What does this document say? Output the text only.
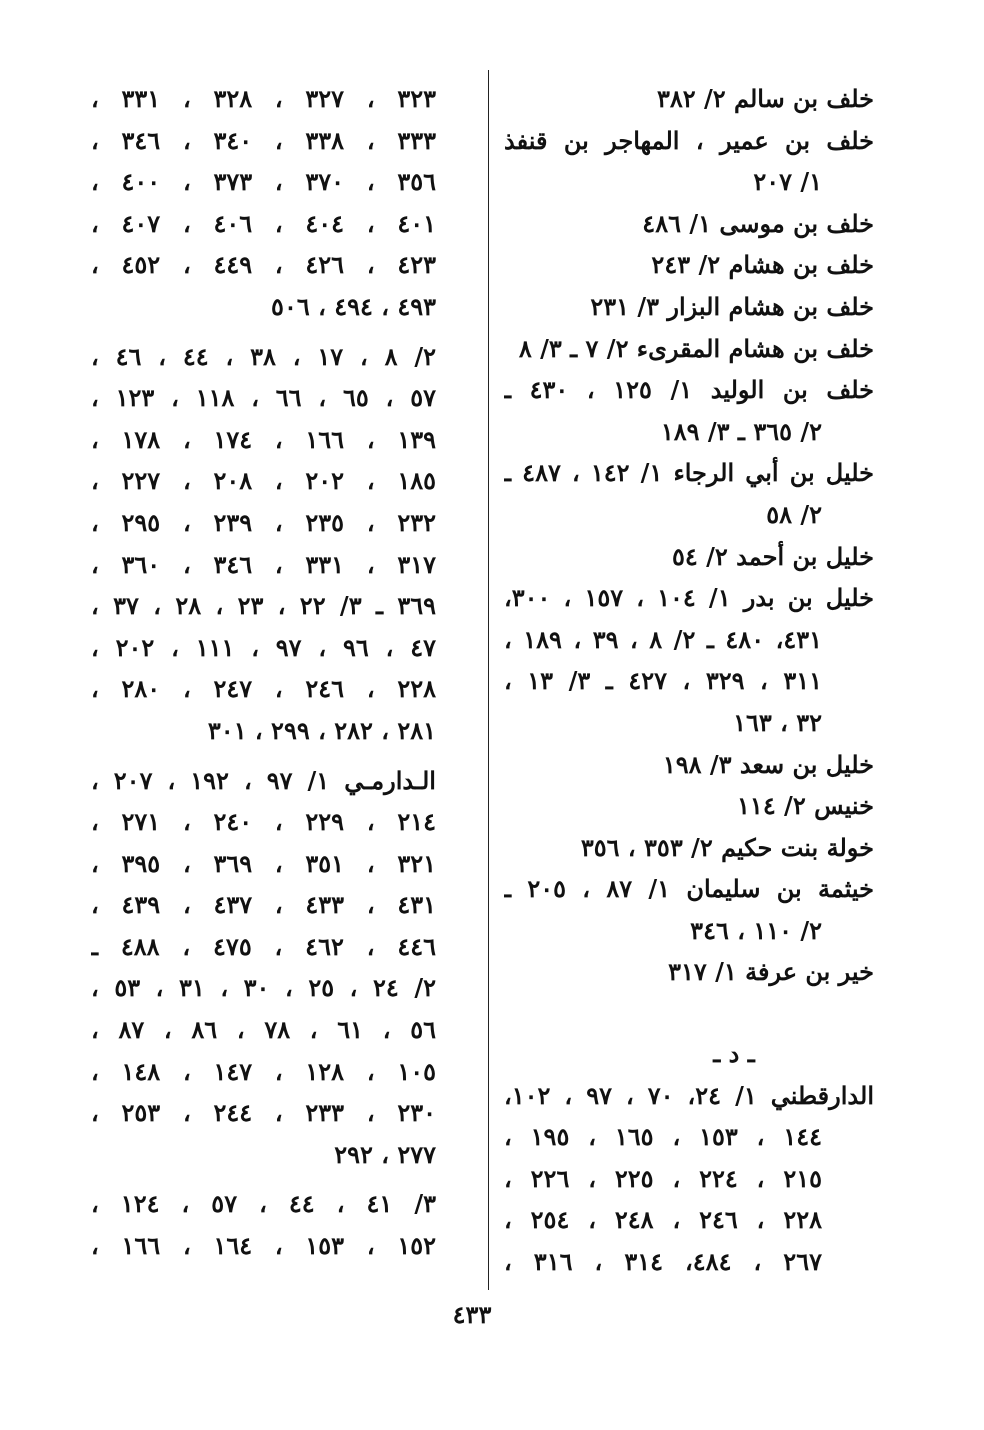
خلف بن سالم ٢/ ٣٨٢
خلف بن عمير ، المهاجر بن قنفذ
١/ ٢٠٧
خلف بن موسى ١/ ٤٨٦
خلف بن هشام ٢/ ٢٤٣
خلف بن هشام البزار ٣/ ٢٣١
خلف بن هشام المقرىء ٢/ ٧ ـ ٣/ ٨
خلف بن الوليد ١/ ١٢٥ ، ٤٣٠ ـ
٢/ ٣٦٥ ـ ٣/ ١٨٩
خليل بن أبي الرجاء ١/ ١٤٢ ، ٤٨٧ ـ
٢/ ٥٨
خليل بن أحمد ٢/ ٥٤
خليل بن بدر ١/ ١٠٤ ، ١٥٧ ، ٣٠٠،
٤٣١، ٤٨٠ ـ ٢/ ٨ ، ٣٩ ، ١٨٩ ،
٣١١ ، ٣٢٩ ، ٤٢٧ ـ ٣/ ١٣ ،
٣٢ ، ١٦٣
خليل بن سعد ٣/ ١٩٨
خنيس ٢/ ١١٤
خولة بنت حكيم ٢/ ٣٥٣ ، ٣٥٦
خيثمة بن سليمان ١/ ٨٧ ، ٢٠٥ ـ
٢/ ١١٠ ، ٣٤٦
خير بن عرفة ١/ ٣١٧
ـ د ـ
الدارقطني ١/ ٢٤، ٧٠ ، ٩٧ ، ١٠٢،
١٤٤ ، ١٥٣ ، ١٦٥ ، ١٩٥ ،
٢١٥ ، ٢٢٤ ، ٢٢٥ ، ٢٢٦ ،
٢٢٨ ، ٢٤٦ ، ٢٤٨ ، ٢٥٤ ،
٢٦٧ ، ٤٨٤، ٣١٤ ، ٣١٦ ،
٣٢٣ ، ٣٢٧ ، ٣٢٨ ، ٣٣١ ،
٣٣٣ ، ٣٣٨ ، ٣٤٠ ، ٣٤٦ ،
٣٥٦ ، ٣٧٠ ، ٣٧٣ ، ٤٠٠ ،
٤٠١ ، ٤٠٤ ، ٤٠٦ ، ٤٠٧ ،
٤٢٣ ، ٤٢٦ ، ٤٤٩ ، ٤٥٢ ،
٤٩٣ ، ٤٩٤ ، ٥٠٦
٢/ ٨ ، ١٧ ، ٣٨ ، ٤٤ ، ٤٦ ،
٥٧ ، ٦٥ ، ٦٦ ، ١١٨ ، ١٢٣ ،
١٣٩ ، ١٦٦ ، ١٧٤ ، ١٧٨ ،
١٨٥ ، ٢٠٢ ، ٢٠٨ ، ٢٢٧ ،
٢٣٢ ، ٢٣٥ ، ٢٣٩ ، ٢٩٥ ،
٣١٧ ، ٣٣١ ، ٣٤٦ ، ٣٦٠ ،
٣٦٩ ـ ٣/ ٢٢ ، ٢٣ ، ٢٨ ، ٣٧ ،
٤٧ ، ٩٦ ، ٩٧ ، ١١١ ، ٢٠٢ ،
٢٢٨ ، ٢٤٦ ، ٢٤٧ ، ٢٨٠ ،
٢٨١ ، ٢٨٢ ، ٢٩٩ ، ٣٠١
الـدارمـي ١/ ٩٧ ، ١٩٢ ، ٢٠٧ ،
٢١٤ ، ٢٢٩ ، ٢٤٠ ، ٢٧١ ،
٣٢١ ، ٣٥١ ، ٣٦٩ ، ٣٩٥ ،
٤٣١ ، ٤٣٣ ، ٤٣٧ ، ٤٣٩ ،
٤٤٦ ، ٤٦٢ ، ٤٧٥ ، ٤٨٨ ـ
٢/ ٢٤ ، ٢٥ ، ٣٠ ، ٣١ ، ٥٣ ،
٥٦ ، ٦١ ، ٧٨ ، ٨٦ ، ٨٧ ،
١٠٥ ، ١٢٨ ، ١٤٧ ، ١٤٨ ،
٢٣٠ ، ٢٣٣ ، ٢٤٤ ، ٢٥٣ ،
٢٧٧ ، ٢٩٢
٣/ ٤١ ، ٤٤ ، ٥٧ ، ١٢٤ ،
١٥٢ ، ١٥٣ ، ١٦٤ ، ١٦٦ ،
٤٣٣
